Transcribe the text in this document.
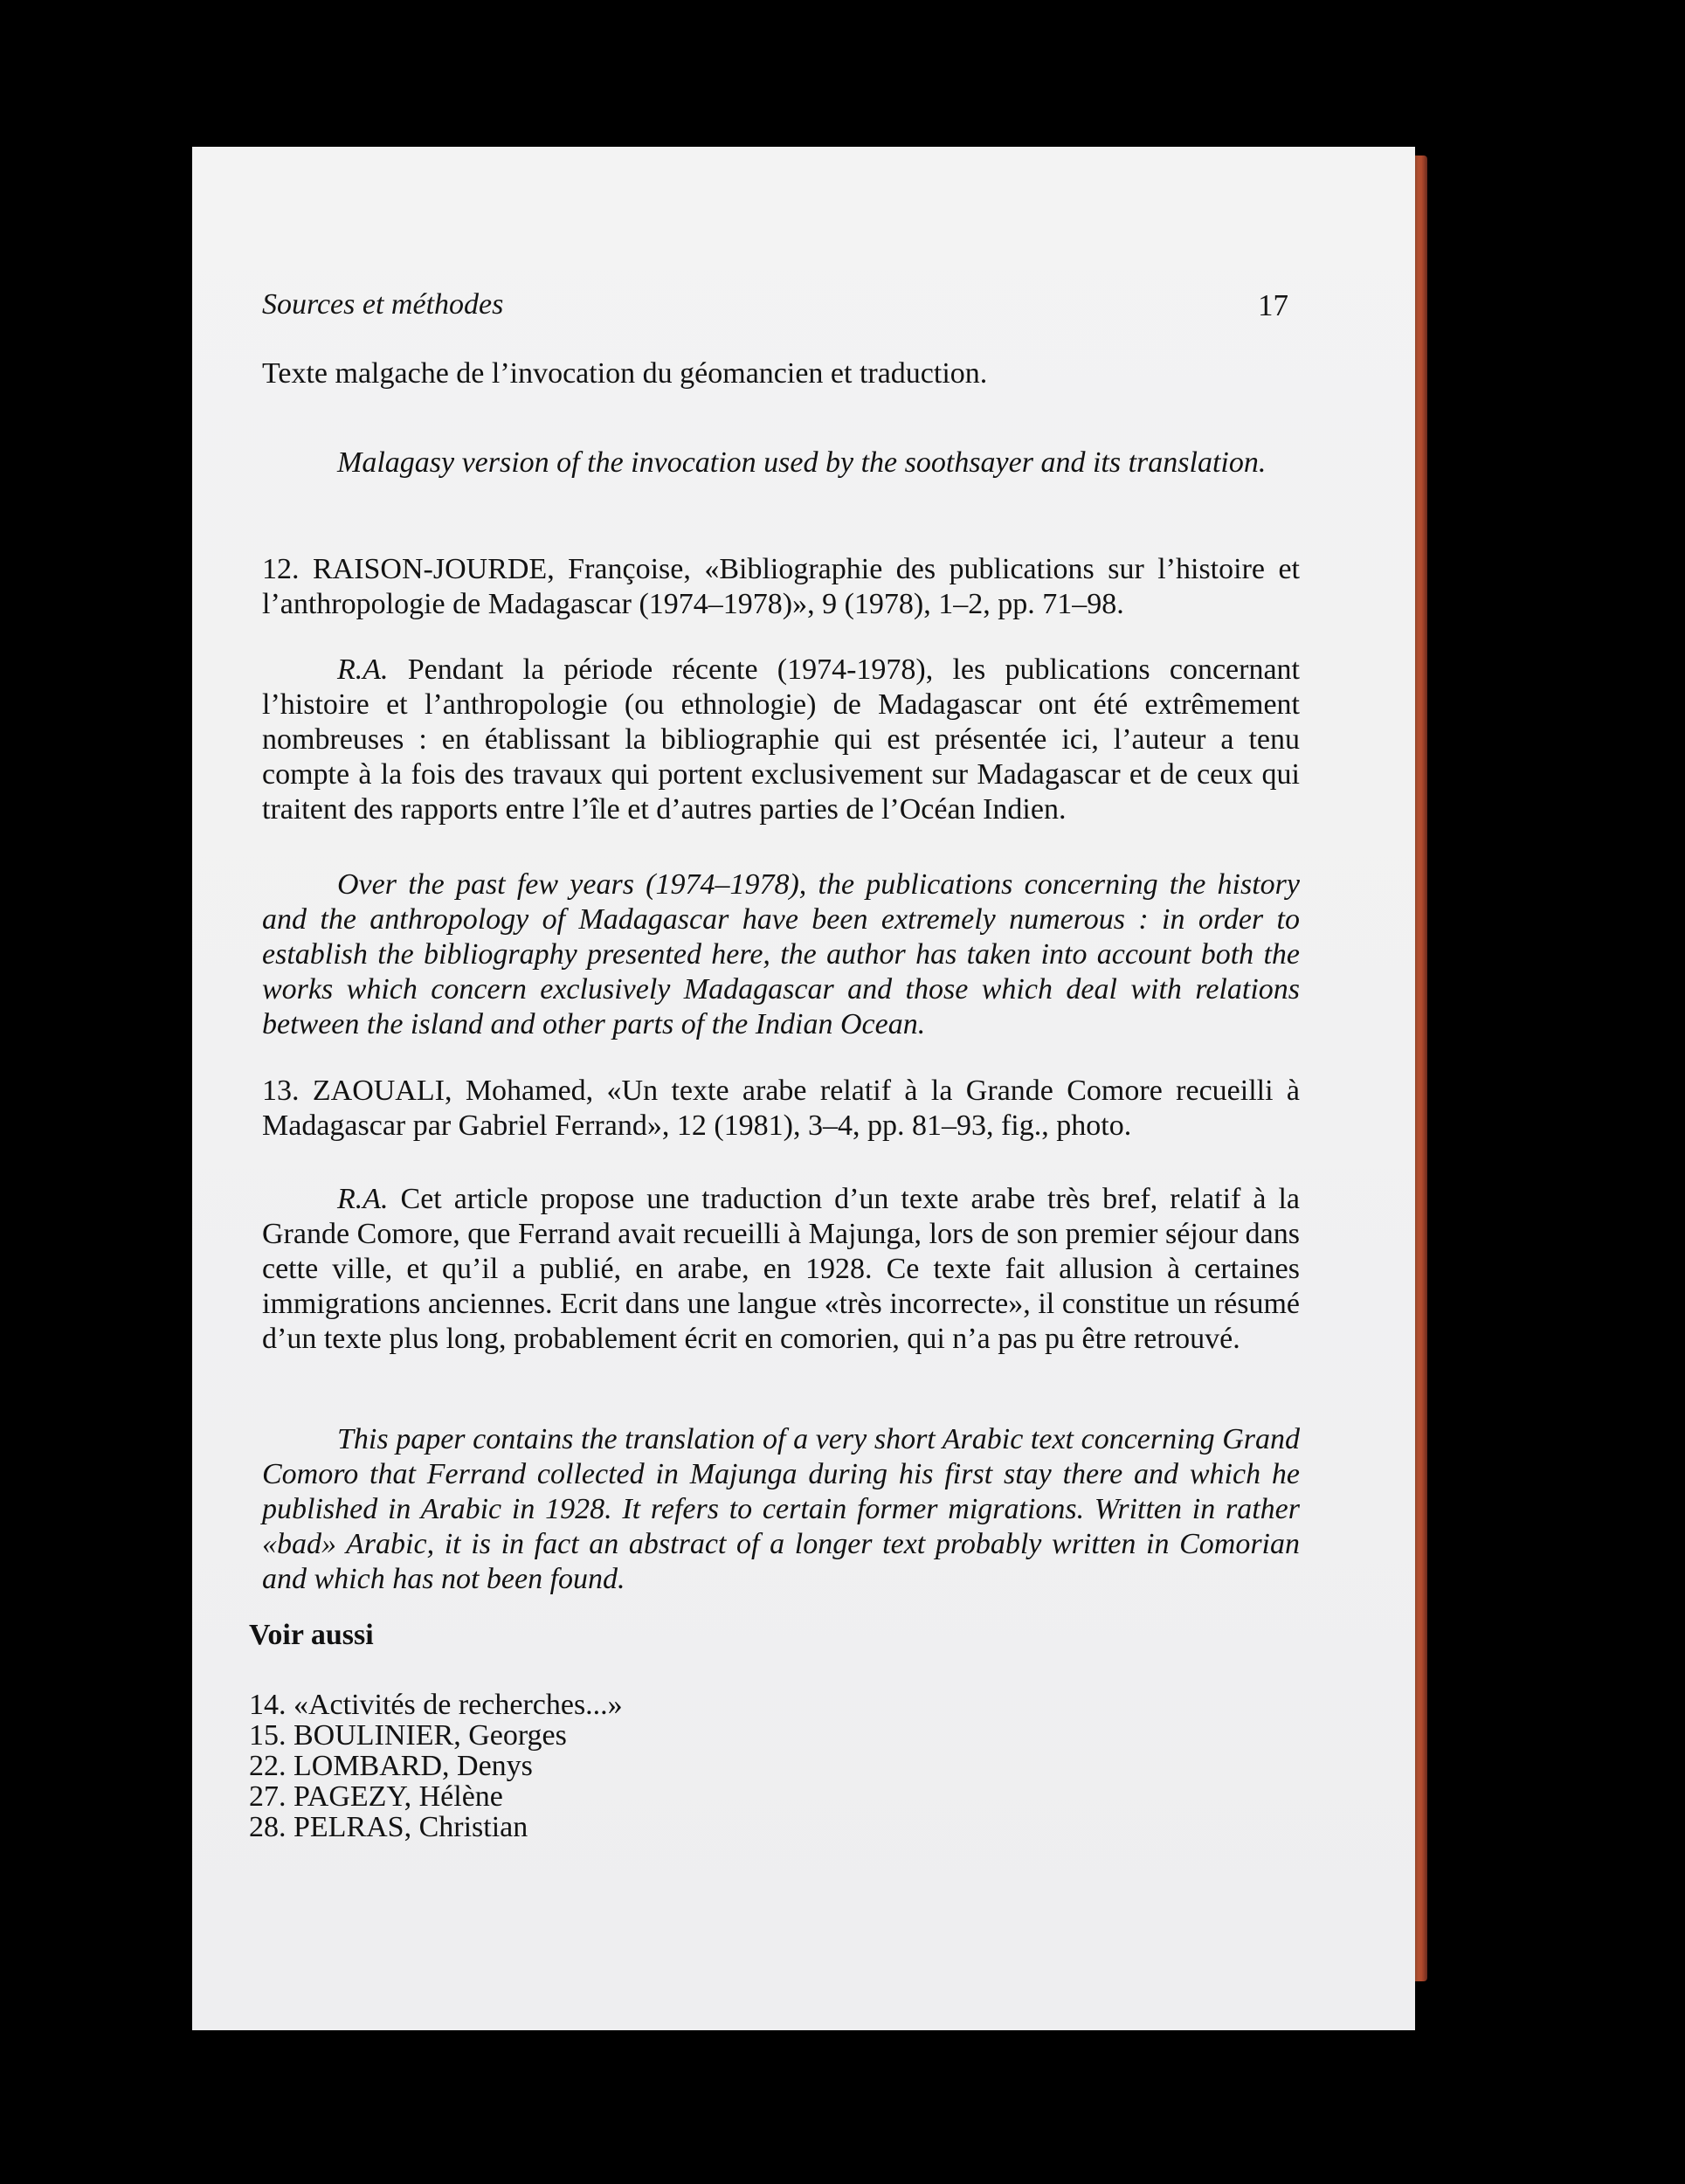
Sources et méthodes	17
Texte malgache de l’invocation du géomancien et traduction.
Malagasy version of the invocation used by the soothsayer and its translation.
12. RAISON-JOURDE, Françoise, «Bibliographie des publications sur l’histoire et l’anthropologie de Madagascar (1974–1978)», 9 (1978), 1–2, pp. 71–98.
R.A. Pendant la période récente (1974-1978), les publications concernant l’histoire et l’anthropologie (ou ethnologie) de Madagascar ont été extrêmement nombreuses : en établissant la bibliographie qui est présentée ici, l’auteur a tenu compte à la fois des travaux qui portent exclusivement sur Madagascar et de ceux qui traitent des rapports entre l’île et d’autres parties de l’Océan Indien.
Over the past few years (1974–1978), the publications concerning the history and the anthropology of Madagascar have been extremely numerous : in order to establish the bibliography presented here, the author has taken into account both the works which concern exclusively Madagascar and those which deal with relations between the island and other parts of the Indian Ocean.
13. ZAOUALI, Mohamed, «Un texte arabe relatif à la Grande Comore recueilli à Madagascar par Gabriel Ferrand», 12 (1981), 3–4, pp. 81–93, fig., photo.
R.A. Cet article propose une traduction d’un texte arabe très bref, relatif à la Grande Comore, que Ferrand avait recueilli à Majunga, lors de son premier séjour dans cette ville, et qu’il a publié, en arabe, en 1928. Ce texte fait allusion à certaines immigrations anciennes. Ecrit dans une langue «très incorrecte», il constitue un résumé d’un texte plus long, probablement écrit en comorien, qui n’a pas pu être retrouvé.
This paper contains the translation of a very short Arabic text concerning Grand Comoro that Ferrand collected in Majunga during his first stay there and which he published in Arabic in 1928. It refers to certain former migrations. Written in rather «bad» Arabic, it is in fact an abstract of a longer text probably written in Comorian and which has not been found.
Voir aussi
14. «Activités de recherches...»
15. BOULINIER, Georges
22. LOMBARD, Denys
27. PAGEZY, Hélène
28. PELRAS, Christian
